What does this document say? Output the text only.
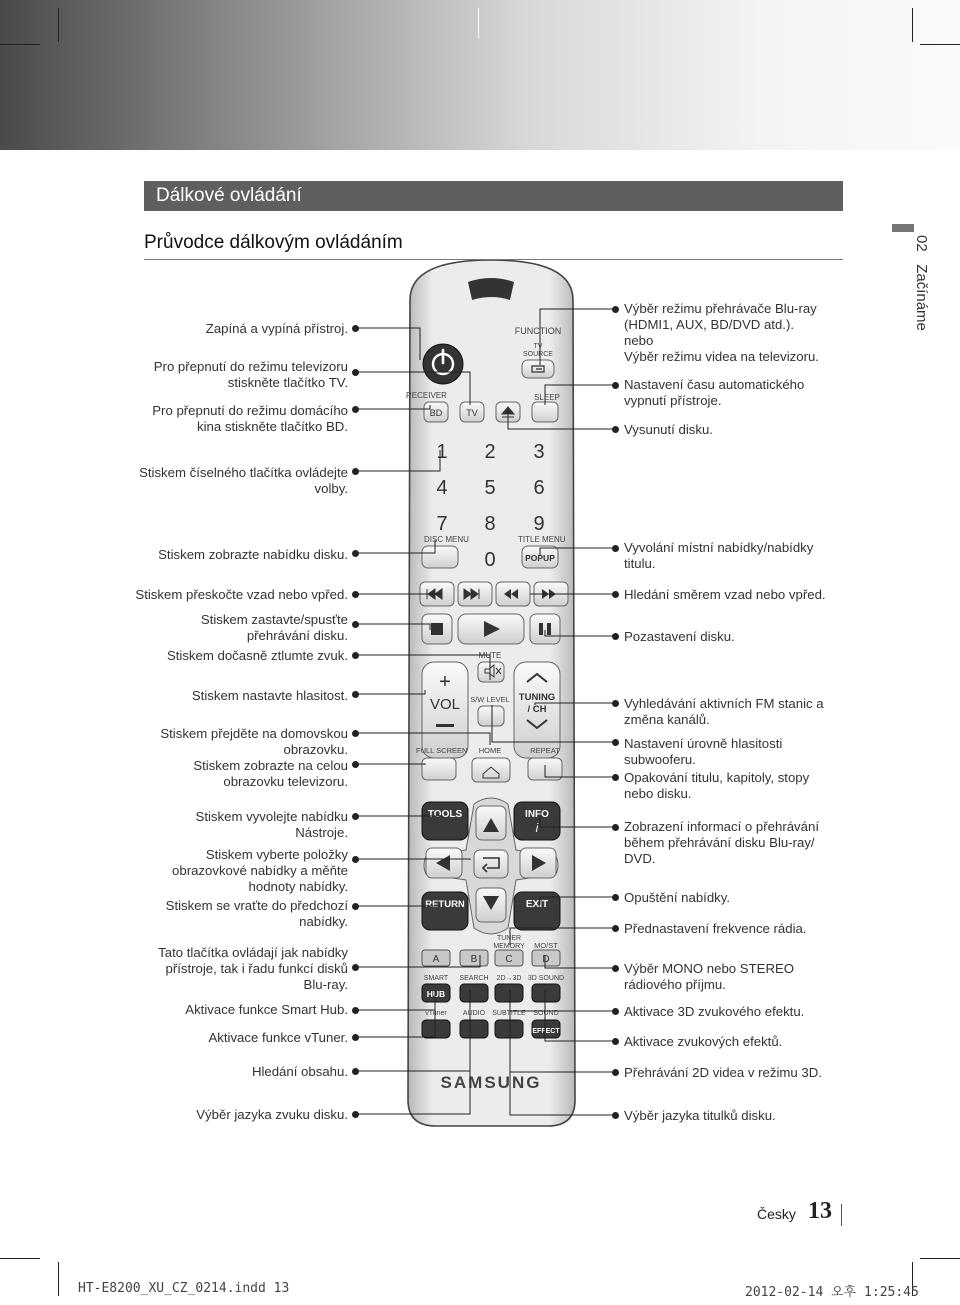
Dálkové ovládání
Průvodce dálkovým ovládáním	02   Začínáme
FUNCTION
TV
SOURCE
RECEIVER	SLEEP
BD	TV
1 2 3
4 5 6
7 8 9
0
DISC MENU	TITLE MENU
POPUP
MUTE
+
VOL	TUNING
/ CH
S/W LEVEL
FULL SCREEN HOME	REPEAT
TOOLS	INFO
i
RETURN	EXIT
TUNER
MEMORY MO/ST
A	B	C	D
SMART SEARCH 2D→3D 3D SOUND
HUB
vTuner AUDIO SUBTITLE SOUND
EFFECT
SAMSUNG
Zapíná a vypíná přístroj.
Pro přepnutí do režimu televizoru
stiskněte tlačítko TV.
Pro přepnutí do režimu domácího
kina stiskněte tlačítko BD.
Stiskem číselného tlačítka ovládejte
volby.
Stiskem zobrazte nabídku disku.
Stiskem přeskočte vzad nebo vpřed.
Stiskem zastavte/spusťte
přehrávání disku.
Stiskem dočasně ztlumte zvuk.
Stiskem nastavte hlasitost.
Stiskem přejděte na domovskou
obrazovku.
Stiskem zobrazte na celou
obrazovku televizoru.
Stiskem vyvolejte nabídku
Nástroje.
Stiskem vyberte položky
obrazovkové nabídky a měňte
hodnoty nabídky.
Stiskem se vraťte do předchozí
nabídky.
Tato tlačítka ovládají jak nabídky
přístroje, tak i řadu funkcí disků
Blu-ray.
Aktivace funkce Smart Hub.
Aktivace funkce vTuner.
Hledání obsahu.
Výběr jazyka zvuku disku.
Výběr režimu přehrávače Blu-ray
(HDMI1, AUX, BD/DVD atd.).
nebo
Výběr režimu videa na televizoru.
Nastavení času automatického
vypnutí přístroje.
Vysunutí disku.
Vyvolání místní nabídky/nabídky
titulu.
Hledání směrem vzad nebo vpřed.
Pozastavení disku.
Vyhledávání aktivních FM stanic a
změna kanálů.
Nastavení úrovně hlasitosti
subwooferu.
Opakování titulu, kapitoly, stopy
nebo disku.
Zobrazení informací o přehrávání
během přehrávání disku Blu-ray/
DVD.
Opuštění nabídky.
Přednastavení frekvence rádia.
Výběr MONO nebo STEREO
rádiového příjmu.
Aktivace 3D zvukového efektu.
Aktivace zvukových efektů.
Přehrávání 2D videa v režimu 3D.
Výběr jazyka titulků disku.
Česky 13
HT-E8200_XU_CZ_0214.indd 13	2012-02-14 오후 1:25:45
